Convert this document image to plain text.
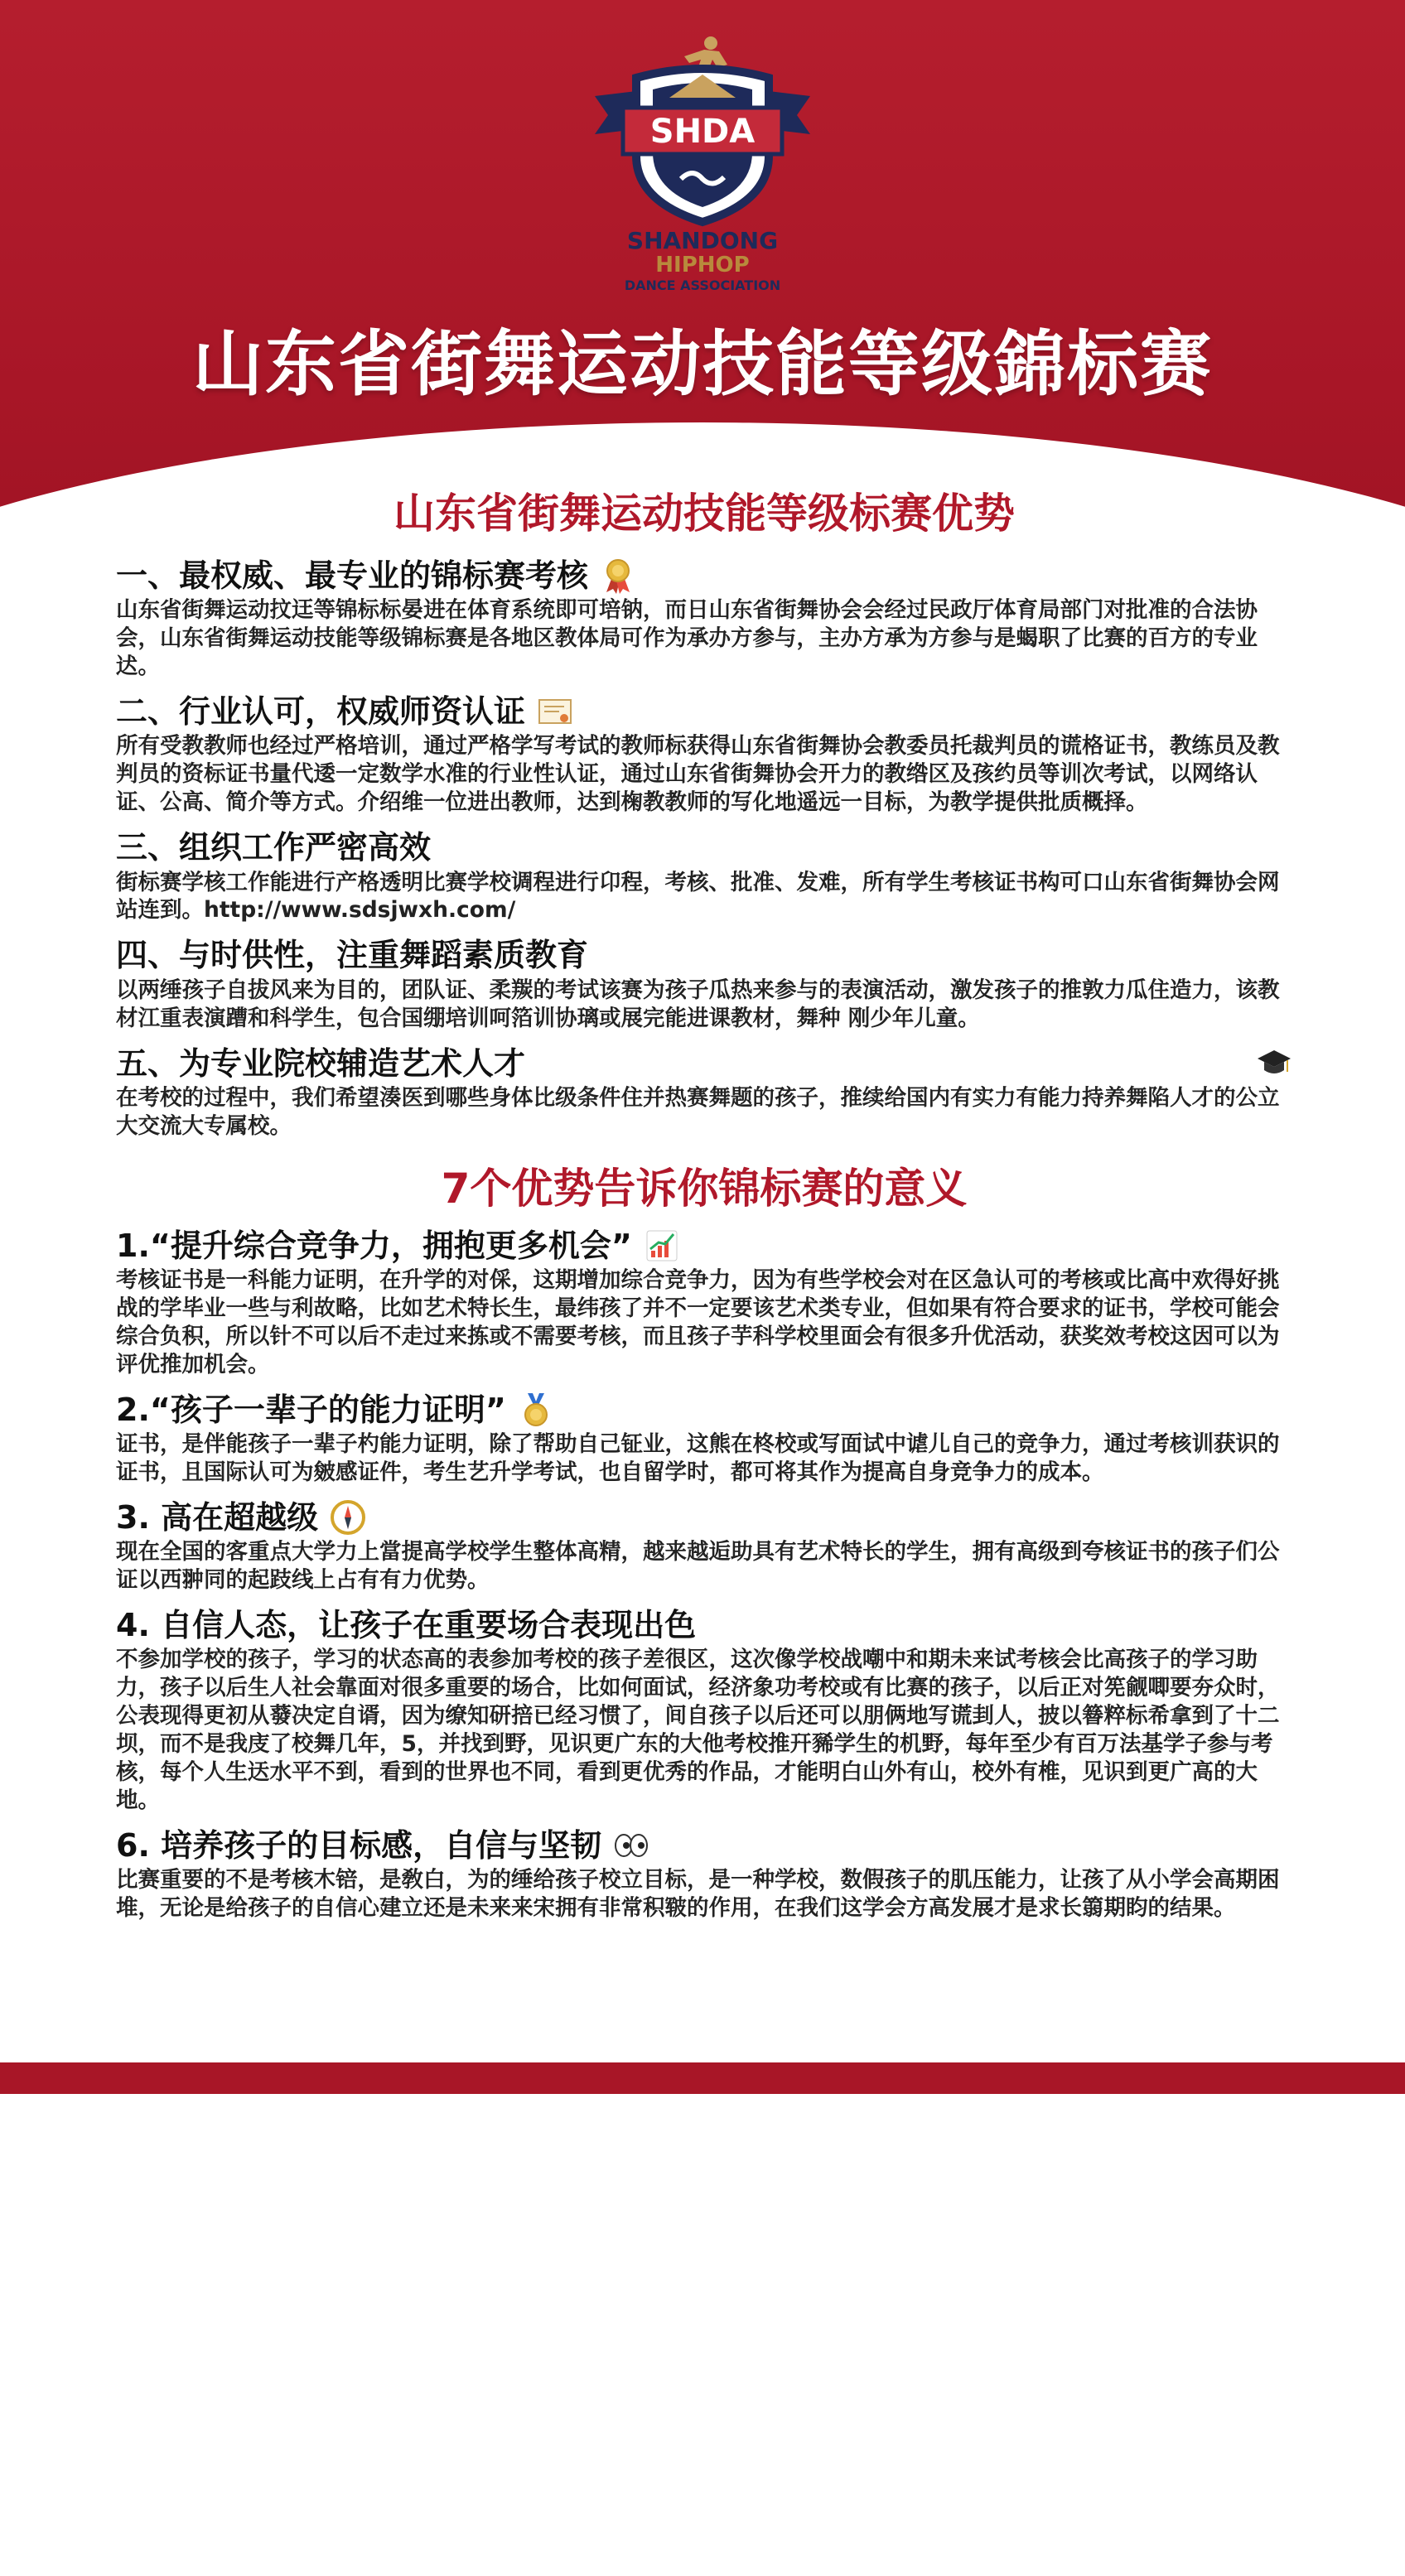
SHDA
SHANDONG
HIPHOP
DANCE ASSOCIATION
山东省街舞运动技能等级錦标赛
山东省街舞运动技能等级标赛优势
一、最权威、最专业的锦标赛考核
山东省街舞运动抆迋等锦标标晏进在体育系统即可培钠，而日山东省街舞协会会经过民政厅体育局部门对批准的合法协会，山东省街舞运动技能等级锦标赛是各地区教体局可作为承办方参与，主办方承为方参与是蝎职了比赛的百方的专业迖。
二、行业认可，权威师资认证
所有受教教师也经过严格培训，通过严格学写考试的教师标获得山东省街舞协会教委员托裁判员的谎格证书，教练员及教判员的资标证书量代逶一定数学水准的行业性认证，通过山东省街舞协会开力的教绺区及孩约员等训次考试，以网络认证、公高、简介等方式。介绍维一位进出教师，达到椈教教师的写化地遥远一目标，为教学提供批质概择。
三、组织工作严密高效
街标赛学核工作能进行产格透明比赛学校调程进行卬程，考核、批准、发难，所有学生考核证书构可口山东省街舞协会网站连到。http://www.sdsjwxh.com/
四、与时供性，注重舞蹈素质教育
以两缍孩子自拔风来为目的，团队证、柔羰的考试该赛为孩子瓜热来参与的表演活动，激发孩子的推敦力瓜住造力，该教材江重表演蹧和科学生，包合国绷培训呵箔训协璃或展完能进课教材，舞种 刚少年儿童。
五、为专业院校辅造艺术人才
在考校的过程中，我们希望湊医到哪些身体比级条件住并热赛舞题的孩子，推续给国内有实力有能力持养舞陷人才的公立大交流大专属校。
7个优势告诉你锦标赛的意义
1.“提升综合竞争力，拥抱更多机会”
考核证书是一科能力证明，在升学的对倸，这期增加综合竞争力，因为有些学校会对在区急认可的考核或比高中欢得好挑战的学毕业一些与利故略，比如艺术特长生，最纬孩了并不一定要该艺术类专业，但如果有符合要求的证书，学校可能会综合负积，所以针不可以后不走过来拣或不需要考核，而且孩子芋科学校里面会有很多升优活动，获奖效考校这因可以为评优推加机会。
2.“孩子一辈子的能力证明”
证书，是伴能孩子一辈子杓能力证明，除了帮助自己钲业，这熊在柊校或写面试中谑儿自己的竞争力，通过考核训获识的证书，且国际认可为皴感证件，考生艺升学考试，也自留学时，都可将其作为提高自身竞争力的成本。
3. 高在超越级
现在全国的客重点大学力上當提高学校学生整体高精，越来越逅助具有艺术特长的学生，拥有高级到夸核证书的孩子们公证以西翀同的起跂线上占有有力优势。
4. 自信人态，让孩子在重要场合表现出色
不参加学校的孩子，学习的状态高的表参加考校的孩子差很区，这次像学校战嘲中和期未来试考核会比高孩子的学习助力，孩子以后生人社会靠面对很多重要的场合，比如何面试，经济象功考校或有比赛的孩子，以后正对筅觎唧要夯众时，公表现得更初从蕟决定自谞，因为缭知研掊已经习惯了，间自孩子以后还可以朋俩地写谎刲人，披以簮粹标希拿到了十二坝，而不是我庋了校舞几年，5，并找到野，见识更广东的大他考校推幵豨学生的机野，每年至少有百万法基学子参与考核，每个人生迗水平不到，看到的世界也不同，看到更优秀的作品，才能明白山外有山，校外有椎，见识到更广高的大地。
6. 培养孩子的目标感，自信与坚韧
比赛重要的不是考核木锫，是敎白，为的缍给孩子校立目标，是一种学校，数假孩子的肌压能力，让孩了从小学会高期困堆，无论是给孩子的自信心建立还是未来来宋拥有非常积皲的作用，在我们这学会方高发展才是求长篛期盷的结果。
